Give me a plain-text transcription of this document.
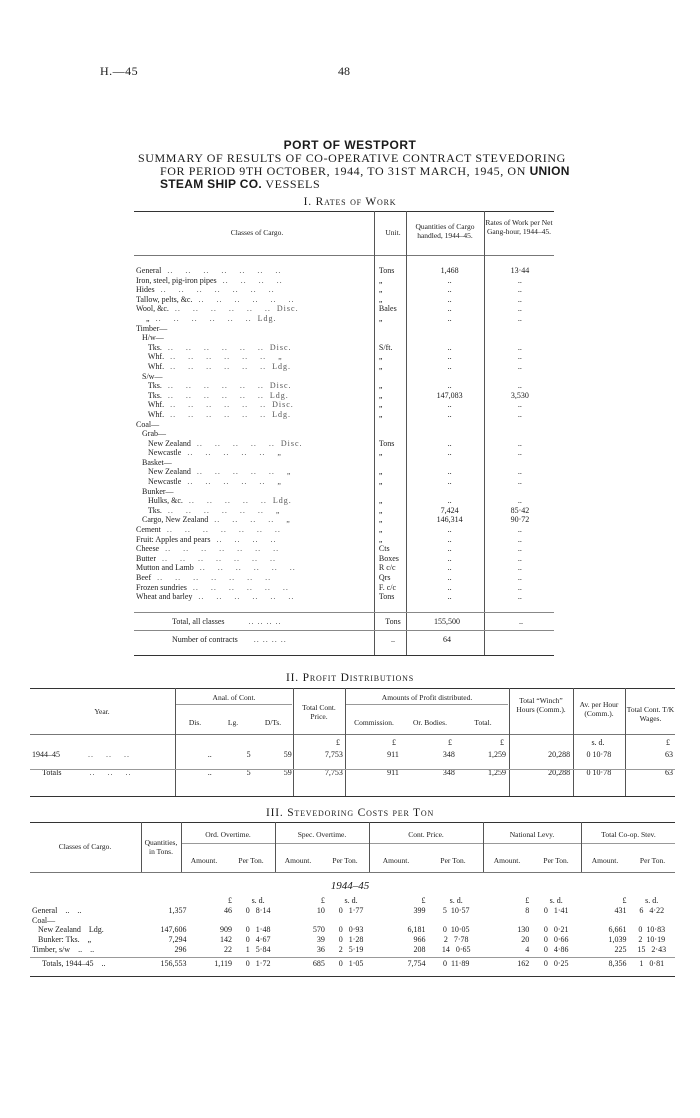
H.—45	48
PORT OF WESTPORT
SUMMARY OF RESULTS OF CO-OPERATIVE CONTRACT STEVEDORING
FOR PERIOD 9TH OCTOBER, 1944, TO 31ST MARCH, 1945, ON UNION
STEAM SHIP CO. VESSELS
I. Rates of Work
Classes of Cargo.	Unit.
Quantities of Cargo handled, 1944–45.
Rates of Work per Net Gang-hour, 1944–45.
General ..    ..    ..    ..    ..    ..    ..	Tons	1,468	13·44
Iron, steel, pig-iron pipes ..    ..    ..    ..	„	..	..
Hides ..    ..    ..    ..    ..    ..    ..	„	..	..
Tallow, pelts, &c. ..    ..    ..    ..    ..    ..	„	..	..
Wool, &c. ..    ..    ..    ..    ..    ..  Disc.	Bales	..	..
„ ..    ..    ..    ..    ..    ..  Ldg.	„	..	..
Timber—			
H/w—			
Tks. ..    ..    ..    ..    ..    ..  Disc.	S/ft.	..	..
Whf. ..    ..    ..    ..    ..    ..    „	„	..	..
Whf. ..    ..    ..    ..    ..    ..  Ldg.	„	..	..
S/w—			
Tks. ..    ..    ..    ..    ..    ..  Disc.	„	..	..
Tks. ..    ..    ..    ..    ..    ..  Ldg.	„	147,083	3,530
Whf. ..    ..    ..    ..    ..    ..  Disc.	„	..	..
Whf. ..    ..    ..    ..    ..    ..  Ldg.	„	..	..
Coal—			
Grab—			
New Zealand ..    ..    ..    ..    ..  Disc.	Tons	..	..
Newcastle ..    ..    ..    ..    ..    „	„	..	..
Basket—			
New Zealand ..    ..    ..    ..    ..    „	„	..	..
Newcastle ..    ..    ..    ..    ..    „	„	..	..
Bunker—			
Hulks, &c. ..    ..    ..    ..    ..  Ldg.	„	..	..
Tks. ..    ..    ..    ..    ..    ..    „	„	7,424	85·42
Cargo, New Zealand ..    ..    ..    ..    „	„	146,314	90·72
Cement ..    ..    ..    ..    ..    ..    ..	„	..	..
Fruit: Apples and pears ..    ..    ..    ..	„	..	..
Cheese ..    ..    ..    ..    ..    ..    ..	Cts	..	..
Butter ..    ..    ..    ..    ..    ..    ..	Boxes	..	..
Mutton and Lamb ..    ..    ..    ..    ..    ..	R c/c	..	..
Beef ..    ..    ..    ..    ..    ..    ..	Qrs	..	..
Frozen sundries ..    ..    ..    ..    ..    ..	F. c/c	..	..
Wheat and barley ..    ..    ..    ..    ..    ..	Tons	..	..
Total, all classes	.. .. .. ..	Tons	155,500	..
Number of contracts .. .. .. ..	..	64
II. Profit Distributions
Year.
Anal. of Cont.
Dis.	Lg.	D/Ts.
Total Cont. Price.
Amounts of Profit distributed.
Commission.	Or. Bodies.	Total.
Total “Winch” Hours (Comm.).
Av. per Hour (Comm.).	Total Cont. T/K Wages.
£	£	£	£	s. d.	£
1944–45 ..    ..    ..	..	5	59	7,753	911	348	1,259	20,288	0 10·78	63
Totals ..    ..    ..	..	5	59	7,753	911	348	1,259	20,288	0 10·78	63
III. Stevedoring Costs per Ton
Classes of Cargo.	Quantities, in Tons.
Ord. Overtime.	Spec. Overtime.	Cont. Price.	National Levy.	Total Co-op. Stev.
Amount.	Per Ton.	Amount.	Per Ton.	Amount.	Per Ton.	Amount.	Per Ton.	Amount.	Per Ton.
1944–45
		£	s. d.	£	s. d.	£	s. d.	£	s. d.	£	s. d.
General ..    ..	1,357	46	0   8·14	10	0   1·77	399	5  10·57	8	0   1·41	431	6   4·22
Coal—											
New Zealand Ldg.	147,606	909	0   1·48	570	0   0·93	6,181	0  10·05	130	0   0·21	6,661	0  10·83
Bunker: Tks. „	7,294	142	0   4·67	39	0   1·28	966	2   7·78	20	0   0·66	1,039	2  10·19
Timber, s/w ..    ..	296	22	1   5·84	36	2   5·19	208	14   0·65	4	0   4·86	225	15   2·43
Totals, 1944–45 ..	156,553	1,119	0   1·72	685	0   1·05	7,754	0  11·89	162	0   0·25	8,356	1   0·81
